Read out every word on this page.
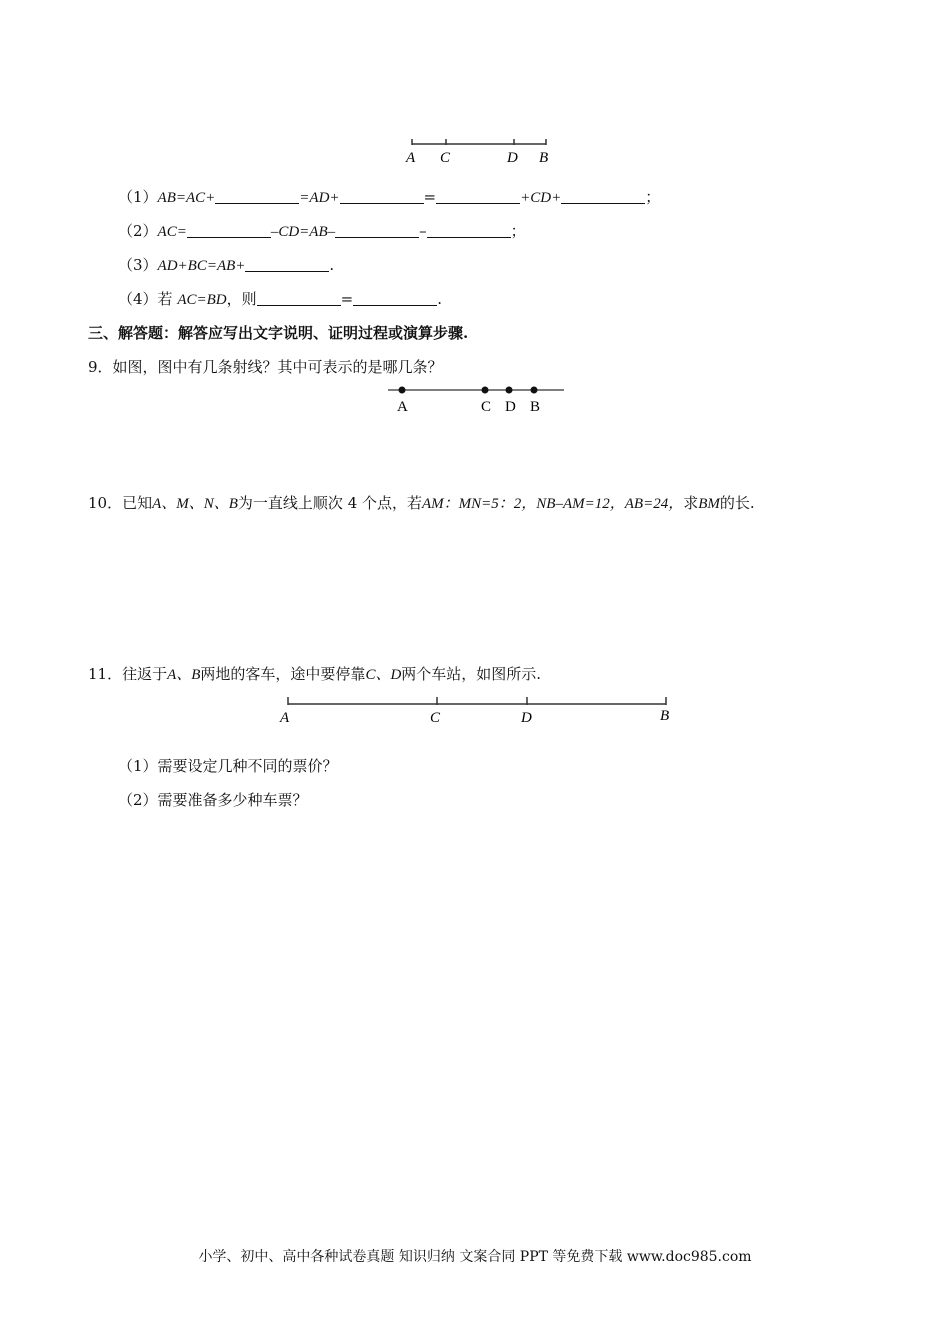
A C	D B
（1）AB=AC+	=AD+	=	+CD+	；
（2）AC=	–CD=AB–	–	；
（3）AD+BC=AB+	.
（4）若 AC=BD，则	=	.
三、解答题：解答应写出文字说明、证明过程或演算步骤.
9．如图，图中有几条射线？其中可表示的是哪几条？
A	C D B
10．已知A、M、N、B为一直线上顺次 4 个点，若AM：MN=5：2，NB–AM=12，AB=24，求BM的长.
11．往返于A、B两地的客车，途中要停靠C、D两个车站，如图所示.
A	C	D	B
（1）需要设定几种不同的票价？
（2）需要准备多少种车票？
小学、初中、高中各种试卷真题 知识归纳 文案合同 PPT 等免费下载 www.doc985.com
